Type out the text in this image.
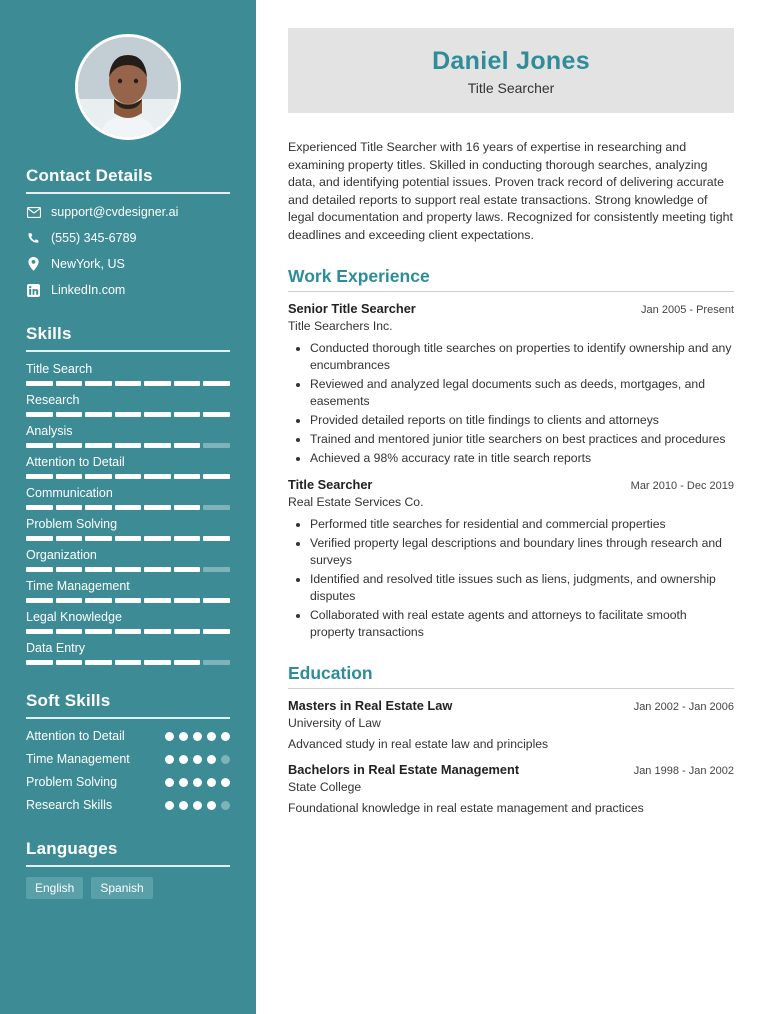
Contact Details
support@cvdesigner.ai
(555) 345-6789
NewYork, US
LinkedIn.com
Skills
Title Search
Research
Analysis
Attention to Detail
Communication
Problem Solving
Organization
Time Management
Legal Knowledge
Data Entry
Soft Skills
Attention to Detail
Time Management
Problem Solving
Research Skills
Languages
English	Spanish
Daniel Jones
Title Searcher

Experienced Title Searcher with 16 years of expertise in researching and examining property titles. Skilled in conducting thorough searches, analyzing data, and identifying potential issues. Proven track record of delivering accurate and detailed reports to support real estate transactions. Strong knowledge of legal documentation and property laws. Recognized for consistently meeting tight deadlines and exceeding client expectations.

Work Experience
Senior Title Searcher	Jan 2005 - Present
Title Searchers Inc.
• Conducted thorough title searches on properties to identify ownership and any encumbrances
• Reviewed and analyzed legal documents such as deeds, mortgages, and easements
• Provided detailed reports on title findings to clients and attorneys
• Trained and mentored junior title searchers on best practices and procedures
• Achieved a 98% accuracy rate in title search reports
Title Searcher	Mar 2010 - Dec 2019
Real Estate Services Co.
• Performed title searches for residential and commercial properties
• Verified property legal descriptions and boundary lines through research and surveys
• Identified and resolved title issues such as liens, judgments, and ownership disputes
• Collaborated with real estate agents and attorneys to facilitate smooth property transactions
Education
Masters in Real Estate Law	Jan 2002 - Jan 2006
University of Law
Advanced study in real estate law and principles
Bachelors in Real Estate Management	Jan 1998 - Jan 2002
State College
Foundational knowledge in real estate management and practices
